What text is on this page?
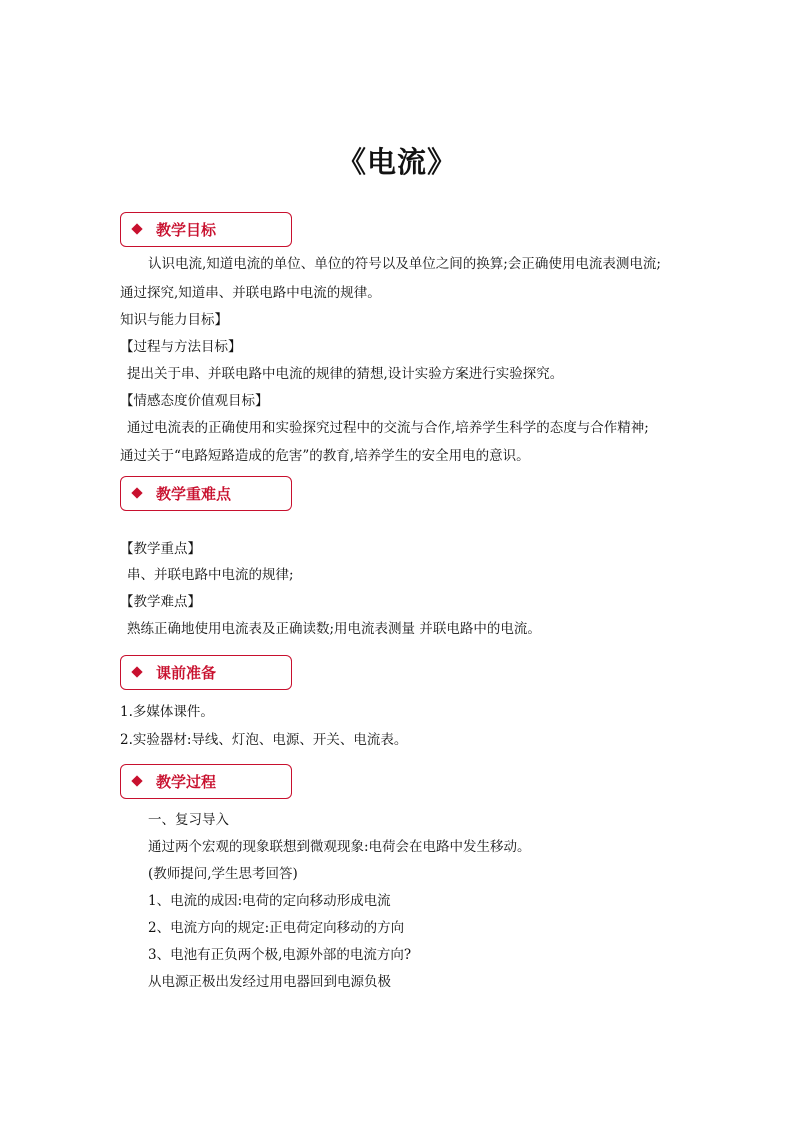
《电流》
教学目标
认识电流,知道电流的单位、单位的符号以及单位之间的换算;会正确使用电流表测电流;
通过探究,知道串、并联电路中电流的规律。
知识与能力目标】
【过程与方法目标】
提出关于串、并联电路中电流的规律的猜想,设计实验方案进行实验探究。
【情感态度价值观目标】
通过电流表的正确使用和实验探究过程中的交流与合作,培养学生科学的态度与合作精神;
通过关于“电路短路造成的危害”的教育,培养学生的安全用电的意识。
教学重难点
【教学重点】
串、并联电路中电流的规律;
【教学难点】
熟练正确地使用电流表及正确读数;用电流表测量 并联电路中的电流。
课前准备
1.多媒体课件。
2.实验器材:导线、灯泡、电源、开关、电流表。
教学过程
一、复习导入
通过两个宏观的现象联想到微观现象:电荷会在电路中发生移动。
(教师提问,学生思考回答)
1、电流的成因:电荷的定向移动形成电流
2、电流方向的规定:正电荷定向移动的方向
3、电池有正负两个极,电源外部的电流方向?
从电源正极出发经过用电器回到电源负极
